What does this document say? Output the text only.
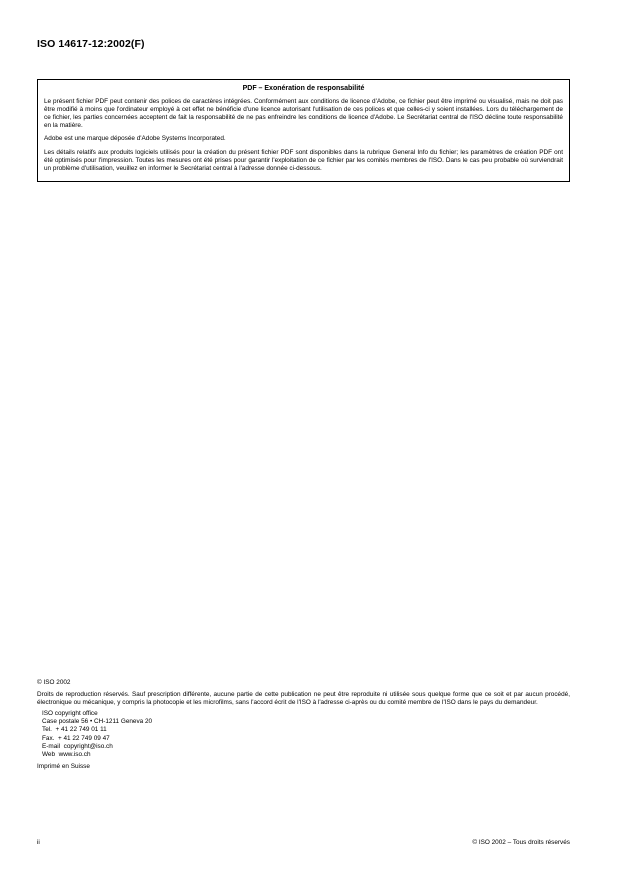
ISO 14617-12:2002(F)
PDF – Exonération de responsabilité

Le présent fichier PDF peut contenir des polices de caractères intégrées. Conformément aux conditions de licence d'Adobe, ce fichier peut être imprimé ou visualisé, mais ne doit pas être modifié à moins que l'ordinateur employé à cet effet ne bénéficie d'une licence autorisant l'utilisation de ces polices et que celles-ci y soient installées. Lors du téléchargement de ce fichier, les parties concernées acceptent de fait la responsabilité de ne pas enfreindre les conditions de licence d'Adobe. Le Secrétariat central de l'ISO décline toute responsabilité en la matière.

Adobe est une marque déposée d'Adobe Systems Incorporated.

Les détails relatifs aux produits logiciels utilisés pour la création du présent fichier PDF sont disponibles dans la rubrique General Info du fichier; les paramètres de création PDF ont été optimisés pour l'impression. Toutes les mesures ont été prises pour garantir l'exploitation de ce fichier par les comités membres de l'ISO. Dans le cas peu probable où surviendrait un problème d'utilisation, veuillez en informer le Secrétariat central à l'adresse donnée ci-dessous.

© ISO 2002

Droits de reproduction réservés. Sauf prescription différente, aucune partie de cette publication ne peut être reproduite ni utilisée sous quelque forme que ce soit et par aucun procédé, électronique ou mécanique, y compris la photocopie et les microfilms, sans l'accord écrit de l'ISO à l'adresse ci-après ou du comité membre de l'ISO dans le pays du demandeur.

ISO copyright office
Case postale 56 • CH-1211 Geneva 20
Tel.  + 41 22 749 01 11
Fax.  + 41 22 749 09 47
E-mail  copyright@iso.ch
Web  www.iso.ch

Imprimé en Suisse

ii	© ISO 2002 – Tous droits réservés
